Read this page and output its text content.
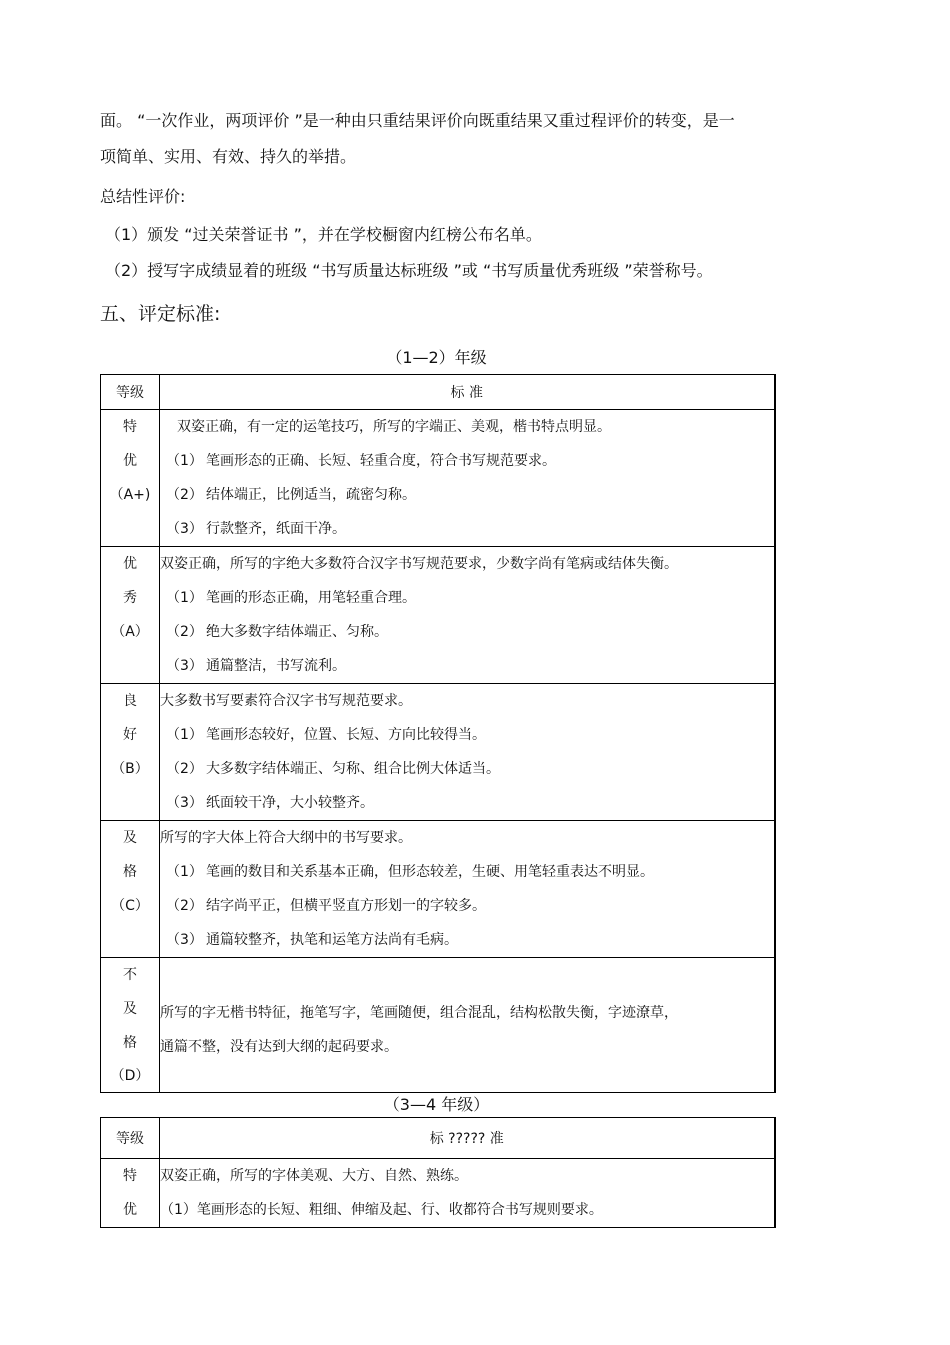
面。 “一次作业，两项评价 ”是一种由只重结果评价向既重结果又重过程评价的转变，是一
项简单、实用、有效、持久的举措。
总结性评价:
（1）颁发 “过关荣誉证书 ”，并在学校橱窗内红榜公布名单。
（2）授写字成绩显着的班级 “书写质量达标班级 ”或 “书写质量优秀班级 ”荣誉称号。
五、评定标准:
（1—2）年级
等级	标 准

特
优
（A+)	双姿正确，有一定的运笔技巧，所写的字端正、美观，楷书特点明显。
（1） 笔画形态的正确、长短、轻重合度，符合书写规范要求。
（2） 结体端正，比例适当，疏密匀称。
（3） 行款整齐，纸面干净。

优
秀
（A）	双姿正确，所写的字绝大多数符合汉字书写规范要求，少数字尚有笔病或结体失衡。
（1） 笔画的形态正确，用笔轻重合理。
（2） 绝大多数字结体端正、匀称。
（3） 通篇整洁，书写流利。

良
好
（B）	大多数书写要素符合汉字书写规范要求。
（1） 笔画形态较好，位置、长短、方向比较得当。
（2） 大多数字结体端正、匀称、组合比例大体适当。
（3） 纸面较干净，大小较整齐。

及
格
（C）	所写的字大体上符合大纲中的书写要求。
（1） 笔画的数目和关系基本正确，但形态较差，生硬、用笔轻重表达不明显。
（2） 结字尚平正，但横平竖直方形划一的字较多。
（3） 通篇较整齐，执笔和运笔方法尚有毛病。

不
及
格
（D）	所写的字无楷书特征，拖笔写字，笔画随便，组合混乱，结构松散失衡，字迹潦草，
通篇不整，没有达到大纲的起码要求。
（3—4 年级）
等级	标 ????? 准

特
优	双姿正确，所写的字体美观、大方、自然、熟练。
（1）笔画形态的长短、粗细、伸缩及起、行、收都符合书写规则要求。
